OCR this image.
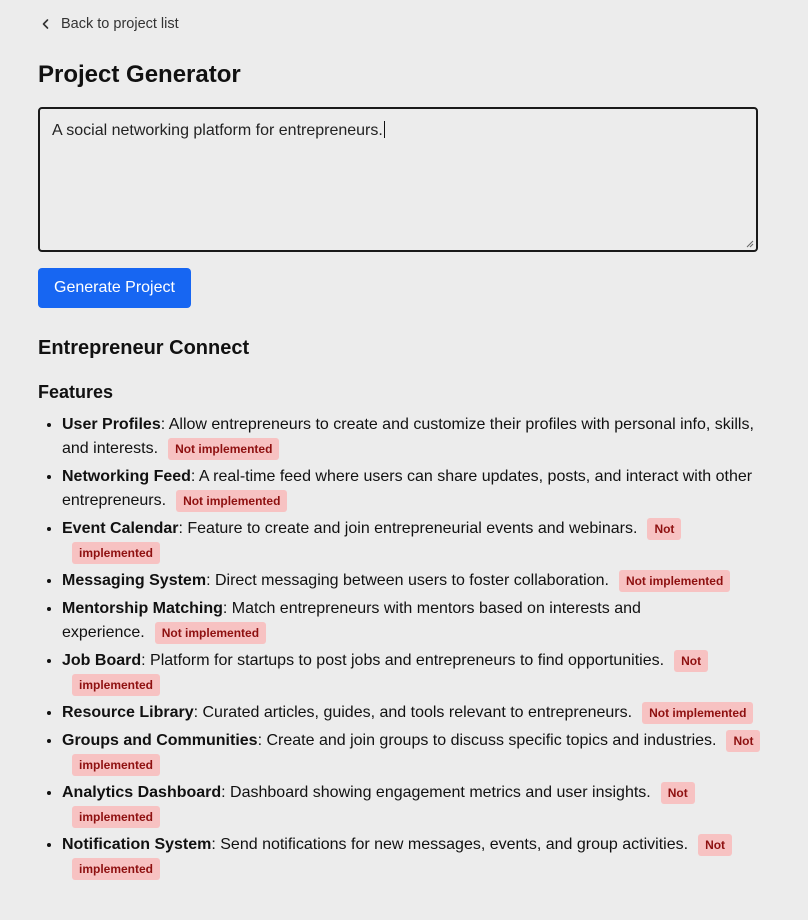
Back to project list
Project Generator
A social networking platform for entrepreneurs.
Generate Project
Entrepreneur Connect
Features
• User Profiles: Allow entrepreneurs to create and customize their profiles with personal info, skills, and interests. Not implemented
• Networking Feed: A real-time feed where users can share updates, posts, and interact with other entrepreneurs. Not implemented
• Event Calendar: Feature to create and join entrepreneurial events and webinars. Not implemented
• Messaging System: Direct messaging between users to foster collaboration. Not implemented
• Mentorship Matching: Match entrepreneurs with mentors based on interests and experience. Not implemented
• Job Board: Platform for startups to post jobs and entrepreneurs to find opportunities. Not implemented
• Resource Library: Curated articles, guides, and tools relevant to entrepreneurs. Not implemented
• Groups and Communities: Create and join groups to discuss specific topics and industries. Not implemented
• Analytics Dashboard: Dashboard showing engagement metrics and user insights. Not implemented
• Notification System: Send notifications for new messages, events, and group activities. Not implemented
